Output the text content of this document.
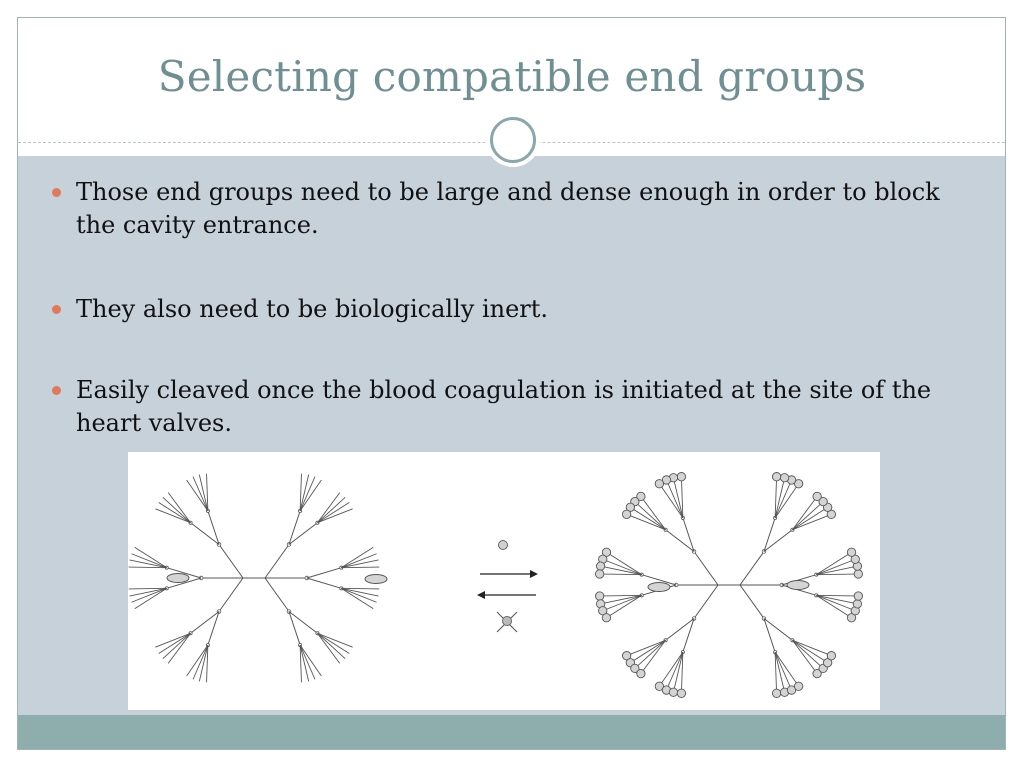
Selecting compatible end groups
Those end groups need to be large and dense enough in order to block the cavity entrance.
They also need to be biologically inert.
Easily cleaved once the blood coagulation is initiated at the site of the heart valves.
